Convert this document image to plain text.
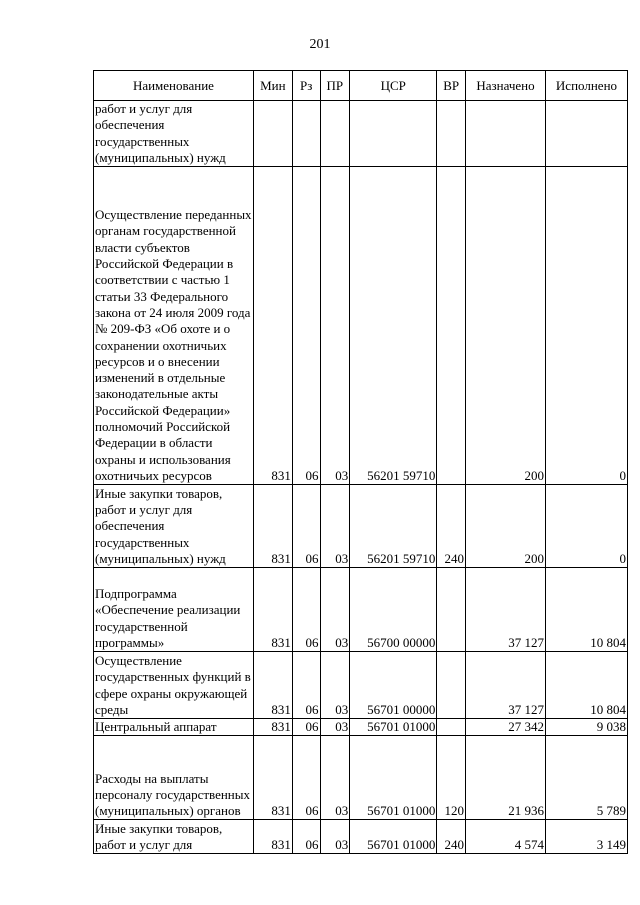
201
Наименование	Мин	Рз	ПР	ЦСР	ВР	Назначено	Исполнено
работ и услуг для обеспечения государственных (муниципальных) нужд							
Осуществление переданных органам государственной власти субъектов Российской Федерации в соответствии с частью 1 статьи 33 Федерального закона от 24 июля 2009 года № 209-ФЗ «Об охоте и о сохранении охотничьих ресурсов и о внесении изменений в отдельные законодательные акты Российской Федерации» полномочий Российской Федерации в области охраны и использования охотничьих ресурсов	831	06	03	56201 59710		200	0
Иные закупки товаров, работ и услуг для обеспечения государственных (муниципальных) нужд	831	06	03	56201 59710	240	200	0
Подпрограмма «Обеспечение реализации государственной программы»	831	06	03	56700 00000		37 127	10 804
Осуществление государственных функций в сфере охраны окружающей среды	831	06	03	56701 00000		37 127	10 804
Центральный аппарат	831	06	03	56701 01000		27 342	9 038
Расходы на выплаты персоналу государственных (муниципальных) органов	831	06	03	56701 01000	120	21 936	5 789
Иные закупки товаров, работ и услуг для	831	06	03	56701 01000	240	4 574	3 149
